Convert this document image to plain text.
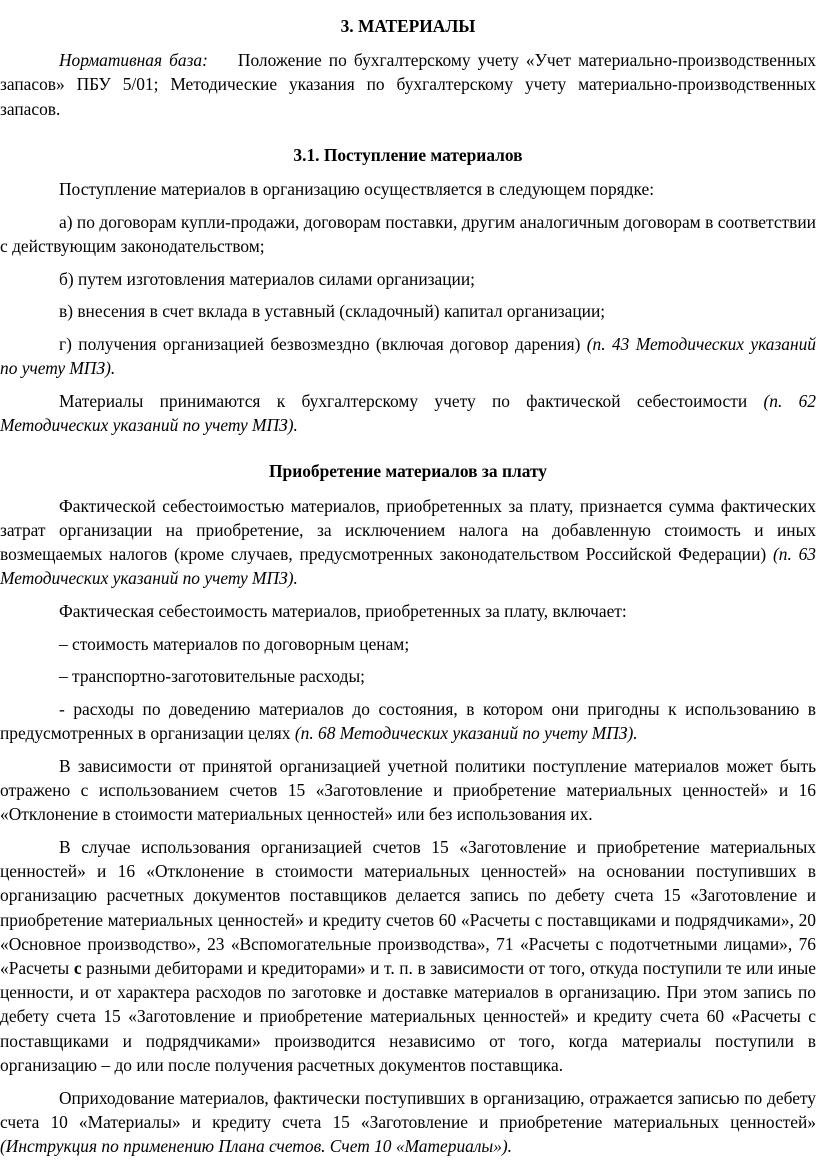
3. МАТЕРИАЛЫ

Нормативная база: Положение по бухгалтерскому учету «Учет материально-производственных запасов» ПБУ 5/01; Методические указания по бухгалтерскому учету материально-производственных запасов.

3.1. Поступление материалов

Поступление материалов в организацию осуществляется в следующем порядке:

а) по договорам купли-продажи, договорам поставки, другим аналогичным договорам в соответствии с действующим законодательством;

б) путем изготовления материалов силами организации;

в) внесения в счет вклада в уставный (складочный) капитал организации;

г) получения организацией безвозмездно (включая договор дарения) (п. 43 Методических указаний по учету МПЗ).

Материалы принимаются к бухгалтерскому учету по фактической себестоимости (п. 62 Методических указаний по учету МПЗ).

Приобретение материалов за плату

Фактической себестоимостью материалов, приобретенных за плату, признается сумма фактических затрат организации на приобретение, за исключением налога на добавленную стоимость и иных возмещаемых налогов (кроме случаев, предусмотренных законодательством Российской Федерации) (п. 63 Методических указаний по учету МПЗ).

Фактическая себестоимость материалов, приобретенных за плату, включает:

– стоимость материалов по договорным ценам;

– транспортно-заготовительные расходы;

- расходы по доведению материалов до состояния, в котором они пригодны к использованию в предусмотренных в организации целях (п. 68 Методических указаний по учету МПЗ).

В зависимости от принятой организацией учетной политики поступление материалов может быть отражено с использованием счетов 15 «Заготовление и приобретение материальных ценностей» и 16 «Отклонение в стоимости материальных ценностей» или без использования их.

В случае использования организацией счетов 15 «Заготовление и приобретение материальных ценностей» и 16 «Отклонение в стоимости материальных ценностей» на основании поступивших в организацию расчетных документов поставщиков делается запись по дебету счета 15 «Заготовление и приобретение материальных ценностей» и кредиту счетов 60 «Расчеты с поставщиками и подрядчиками», 20 «Основное производство», 23 «Вспомогательные производства», 71 «Расчеты с подотчетными лицами», 76 «Расчеты с разными дебиторами и кредиторами» и т. п. в зависимости от того, откуда поступили те или иные ценности, и от характера расходов по заготовке и доставке материалов в организацию. При этом запись по дебету счета 15 «Заготовление и приобретение материальных ценностей» и кредиту счета 60 «Расчеты с поставщиками и подрядчиками» производится независимо от того, когда материалы поступили в организацию – до или после получения расчетных документов поставщика.

Оприходование материалов, фактически поступивших в организацию, отражается записью по дебету счета 10 «Материалы» и кредиту счета 15 «Заготовление и приобретение материальных ценностей» (Инструкция по применению Плана счетов. Счет 10 «Материалы»).
